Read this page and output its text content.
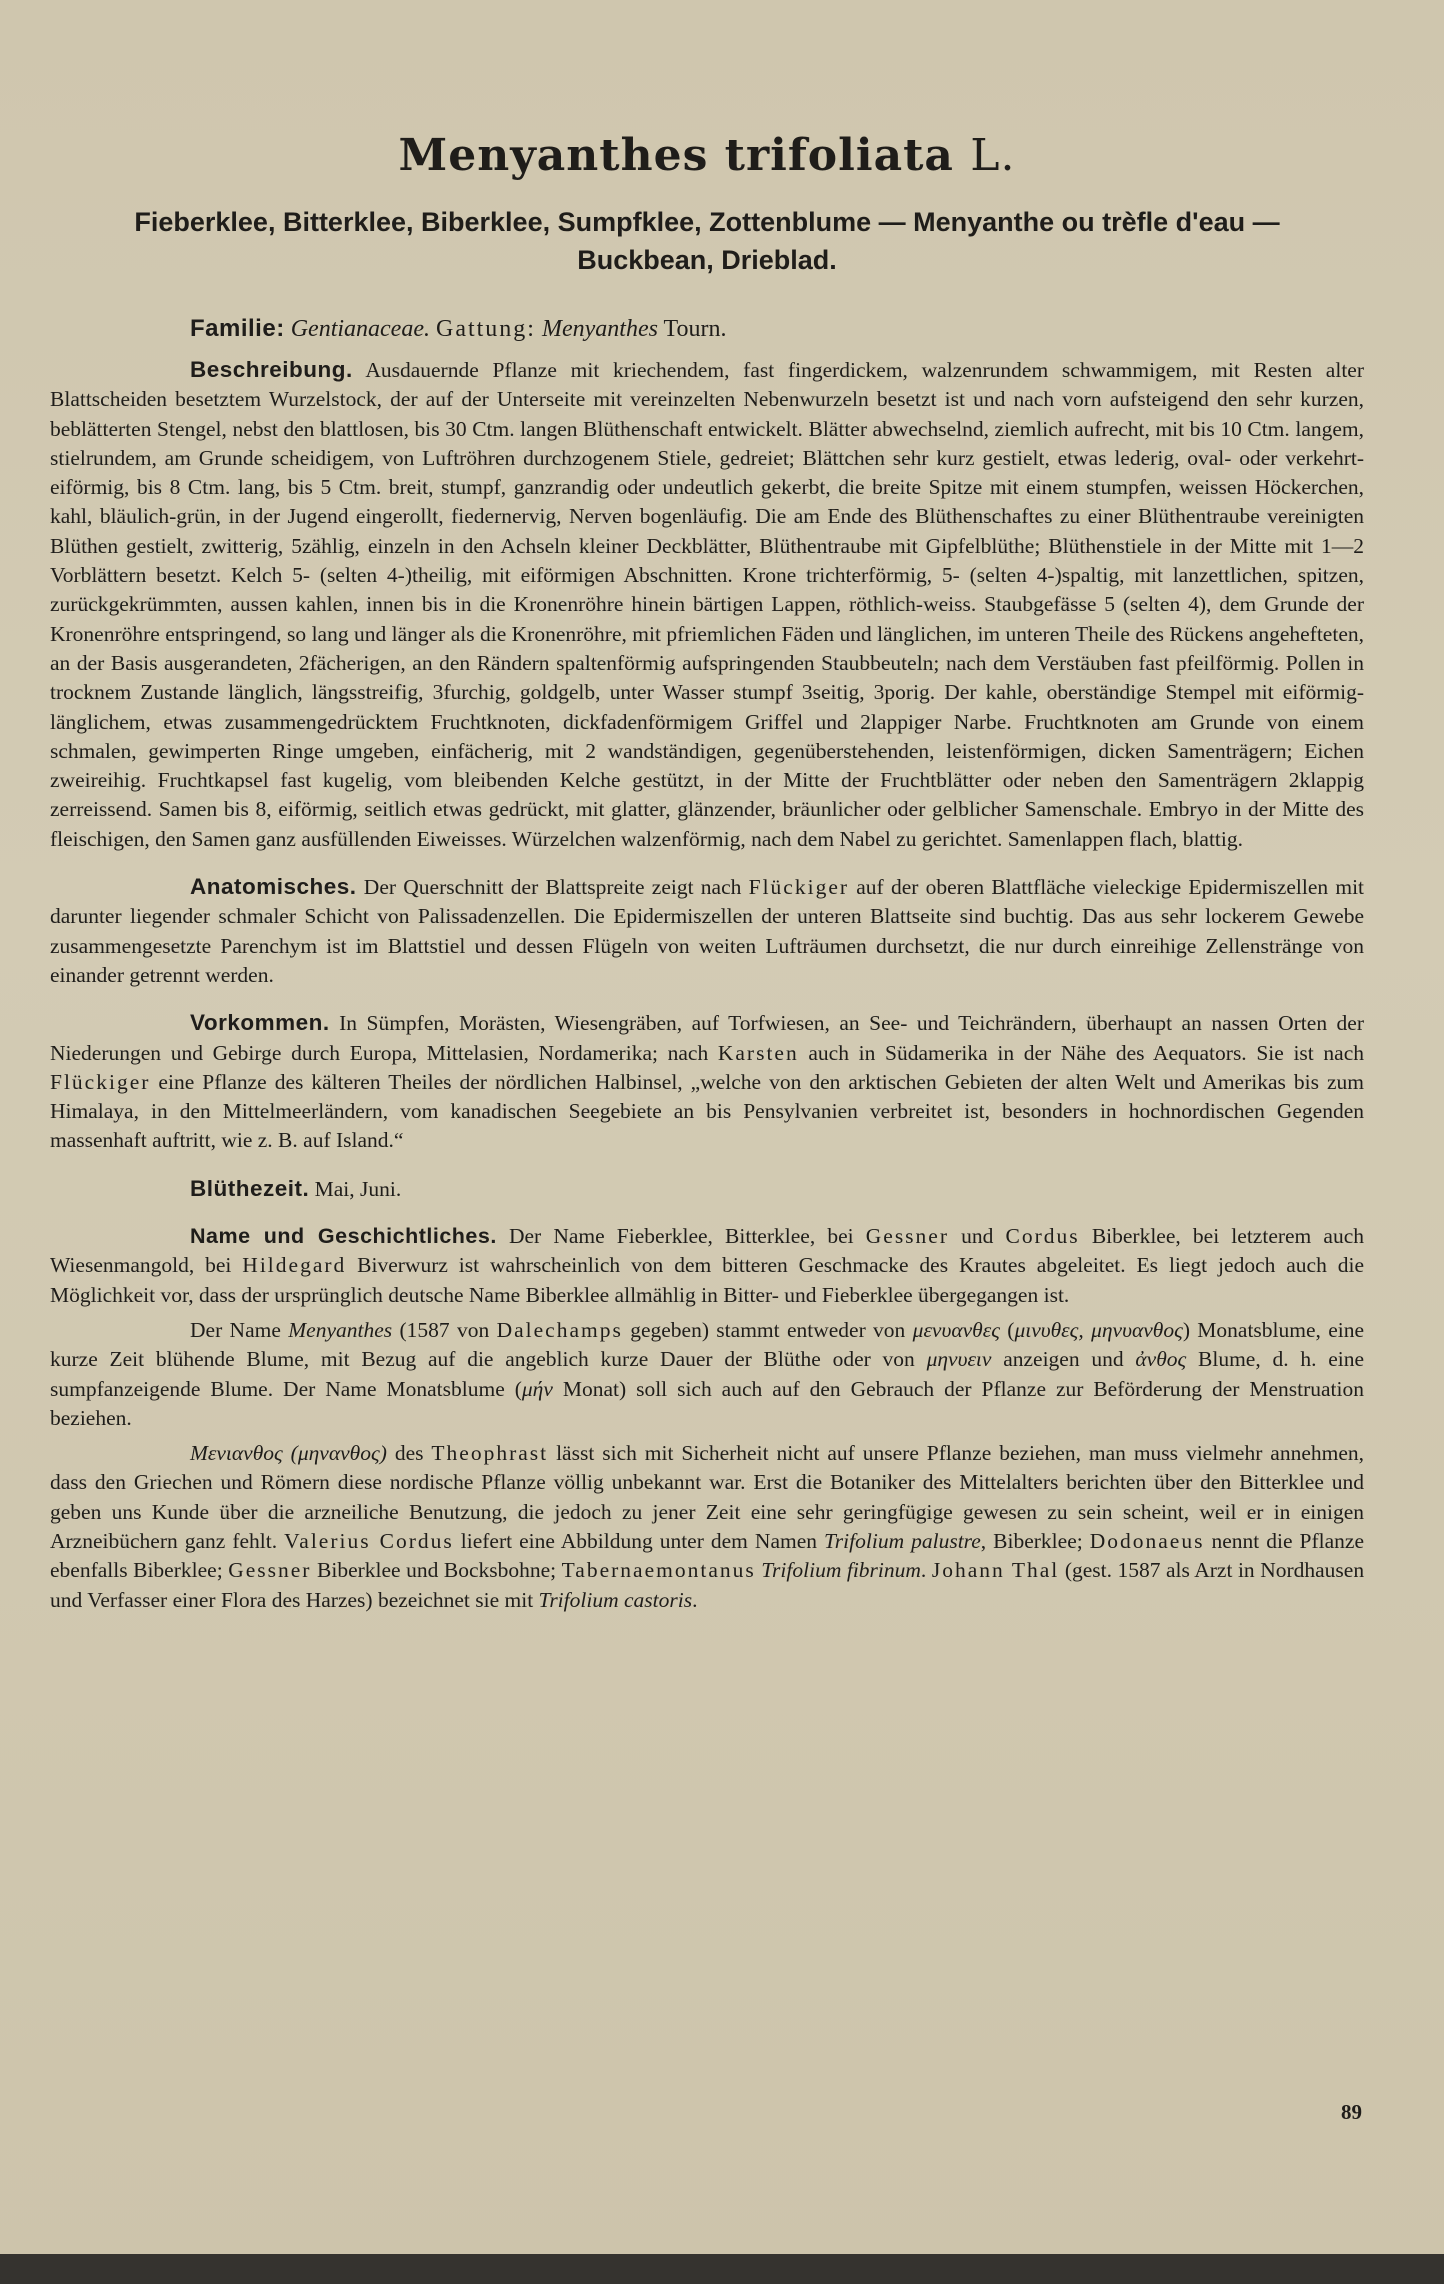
Menyanthes trifoliata L.
Fieberklee, Bitterklee, Biberklee, Sumpfklee, Zottenblume — Menyanthe ou trèfle d'eau — Buckbean, Drieblad.
Familie: Gentianaceae. Gattung: Menyanthes Tourn.

Beschreibung. Ausdauernde Pflanze mit kriechendem, fast fingerdickem, walzenrundem schwammigem, mit Resten alter Blattscheiden besetztem Wurzelstock, der auf der Unterseite mit vereinzelten Nebenwurzeln besetzt ist und nach vorn aufsteigend den sehr kurzen, beblätterten Stengel, nebst den blattlosen, bis 30 Ctm. langen Blüthenschaft entwickelt. Blätter abwechselnd, ziemlich aufrecht, mit bis 10 Ctm. langem, stielrundem, am Grunde scheidigem, von Luftröhren durchzogenem Stiele, gedreiet; Blättchen sehr kurz gestielt, etwas lederig, oval- oder verkehrt-eiförmig, bis 8 Ctm. lang, bis 5 Ctm. breit, stumpf, ganzrandig oder undeutlich gekerbt, die breite Spitze mit einem stumpfen, weissen Höckerchen, kahl, bläulich-grün, in der Jugend eingerollt, fiedernervig, Nerven bogenläufig. Die am Ende des Blüthenschaftes zu einer Blüthentraube vereinigten Blüthen gestielt, zwitterig, 5zählig, einzeln in den Achseln kleiner Deckblätter, Blüthentraube mit Gipfelblüthe; Blüthenstiele in der Mitte mit 1—2 Vorblättern besetzt. Kelch 5- (selten 4-)theilig, mit eiförmigen Abschnitten. Krone trichterförmig, 5- (selten 4-)spaltig, mit lanzettlichen, spitzen, zurückgekrümmten, aussen kahlen, innen bis in die Kronenröhre hinein bärtigen Lappen, röthlich-weiss. Staubgefässe 5 (selten 4), dem Grunde der Kronenröhre entspringend, so lang und länger als die Kronenröhre, mit pfriemlichen Fäden und länglichen, im unteren Theile des Rückens angehefteten, an der Basis ausgerandeten, 2fächerigen, an den Rändern spaltenförmig aufspringenden Staubbeuteln; nach dem Verstäuben fast pfeilförmig. Pollen in trocknem Zustande länglich, längsstreifig, 3furchig, goldgelb, unter Wasser stumpf 3seitig, 3porig. Der kahle, oberständige Stempel mit eiförmig-länglichem, etwas zusammengedrücktem Fruchtknoten, dickfadenförmigem Griffel und 2lappiger Narbe. Fruchtknoten am Grunde von einem schmalen, gewimperten Ringe umgeben, einfächerig, mit 2 wandständigen, gegenüberstehenden, leistenförmigen, dicken Samenträgern; Eichen zweireihig. Fruchtkapsel fast kugelig, vom bleibenden Kelche gestützt, in der Mitte der Fruchtblätter oder neben den Samenträgern 2klappig zerreissend. Samen bis 8, eiförmig, seitlich etwas gedrückt, mit glatter, glänzender, bräunlicher oder gelblicher Samenschale. Embryo in der Mitte des fleischigen, den Samen ganz ausfüllenden Eiweisses. Würzelchen walzenförmig, nach dem Nabel zu gerichtet. Samenlappen flach, blattig.

Anatomisches. Der Querschnitt der Blattspreite zeigt nach Flückiger auf der oberen Blattfläche vieleckige Epidermiszellen mit darunter liegender schmaler Schicht von Palissadenzellen. Die Epidermiszellen der unteren Blattseite sind buchtig. Das aus sehr lockerem Gewebe zusammengesetzte Parenchym ist im Blattstiel und dessen Flügeln von weiten Lufträumen durchsetzt, die nur durch einreihige Zellenstränge von einander getrennt werden.

Vorkommen. In Sümpfen, Morästen, Wiesengräben, auf Torfwiesen, an See- und Teichrändern, überhaupt an nassen Orten der Niederungen und Gebirge durch Europa, Mittelasien, Nordamerika; nach Karsten auch in Südamerika in der Nähe des Aequators. Sie ist nach Flückiger eine Pflanze des kälteren Theiles der nördlichen Halbinsel, „welche von den arktischen Gebieten der alten Welt und Amerikas bis zum Himalaya, in den Mittelmeerländern, vom kanadischen Seegebiete an bis Pensylvanien verbreitet ist, besonders in hochnordischen Gegenden massenhaft auftritt, wie z. B. auf Island.“

Blüthezeit. Mai, Juni.

Name und Geschichtliches. Der Name Fieberklee, Bitterklee, bei Gessner und Cordus Biberklee, bei letzterem auch Wiesenmangold, bei Hildegard Biverwurz ist wahrscheinlich von dem bitteren Geschmacke des Krautes abgeleitet. Es liegt jedoch auch die Möglichkeit vor, dass der ursprünglich deutsche Name Biberklee allmählig in Bitter- und Fieberklee übergegangen ist.

Der Name Menyanthes (1587 von Dalechamps gegeben) stammt entweder von μενυανθες (μινυθες, μηνυανθος) Monatsblume, eine kurze Zeit blühende Blume, mit Bezug auf die angeblich kurze Dauer der Blüthe oder von μηνυειν anzeigen und ἀνθος Blume, d. h. eine sumpfanzeigende Blume. Der Name Monatsblume (μήν Monat) soll sich auch auf den Gebrauch der Pflanze zur Beförderung der Menstruation beziehen.

Μενιανθος (μηνανθος) des Theophrast lässt sich mit Sicherheit nicht auf unsere Pflanze beziehen, man muss vielmehr annehmen, dass den Griechen und Römern diese nordische Pflanze völlig unbekannt war. Erst die Botaniker des Mittelalters berichten über den Bitterklee und geben uns Kunde über die arzneiliche Benutzung, die jedoch zu jener Zeit eine sehr geringfügige gewesen zu sein scheint, weil er in einigen Arzneibüchern ganz fehlt. Valerius Cordus liefert eine Abbildung unter dem Namen Trifolium palustre, Biberklee; Dodonaeus nennt die Pflanze ebenfalls Biberklee; Gessner Biberklee und Bocksbohne; Tabernaemontanus Trifolium fibrinum. Johann Thal (gest. 1587 als Arzt in Nordhausen und Verfasser einer Flora des Harzes) bezeichnet sie mit Trifolium castoris.

89
